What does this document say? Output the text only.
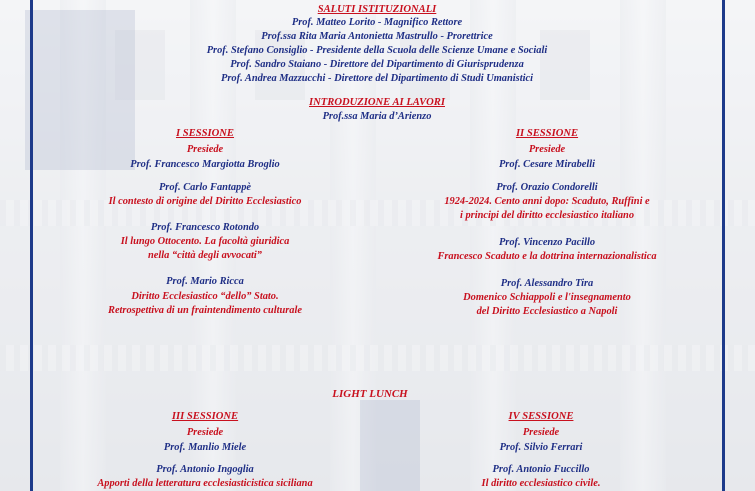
SALUTI ISTITUZIONALI
Prof. Matteo Lorito - Magnifico Rettore
Prof.ssa Rita Maria Antonietta Mastrullo - Prorettrice
Prof. Stefano Consiglio - Presidente della Scuola delle Scienze Umane e Sociali
Prof. Sandro Staiano - Direttore del Dipartimento di Giurisprudenza
Prof. Andrea Mazzucchi - Direttore del Dipartimento di Studi Umanistici
INTRODUZIONE AI LAVORI
Prof.ssa Maria d’Arienzo
I SESSIONE
Presiede
Prof. Francesco Margiotta Broglio
Prof. Carlo Fantappè
Il contesto di origine del Diritto Ecclesiastico
Prof. Francesco Rotondo
Il lungo Ottocento. La facoltà giuridica
nella “città degli avvocati”
Prof. Mario Ricca
Diritto Ecclesiastico “dello” Stato.
Retrospettiva di un fraintendimento culturale
II SESSIONE
Presiede
Prof. Cesare Mirabelli
Prof. Orazio Condorelli
1924-2024. Cento anni dopo: Scaduto, Ruffini e
i principi del diritto ecclesiastico italiano
Prof. Vincenzo Pacillo
Francesco Scaduto e la dottrina internazionalistica
Prof. Alessandro Tira
Domenico Schiappoli e l'insegnamento
del Diritto Ecclesiastico a Napoli
LIGHT LUNCH
III SESSIONE
Presiede
Prof. Manlio Miele
Prof. Antonio Ingoglia
Apporti della letteratura ecclesiasticistica siciliana
IV SESSIONE
Presiede
Prof. Silvio Ferrari
Prof. Antonio Fuccillo
Il diritto ecclesiastico civile.
